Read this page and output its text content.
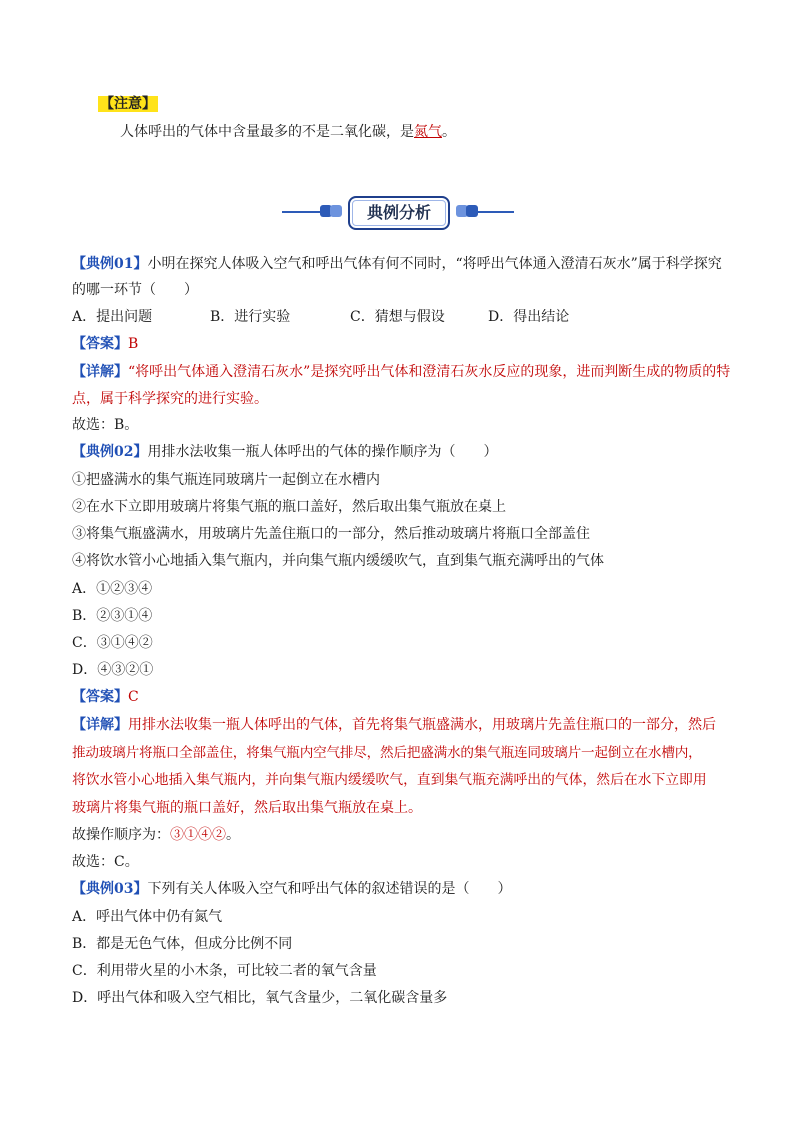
【注意】
人体呼出的气体中含量最多的不是二氧化碳，是氮气。
典例分析
【典例01】小明在探究人体吸入空气和呼出气体有何不同时，“将呼出气体通入澄清石灰水”属于科学探究
的哪一环节（　　）
A．提出问题	B．进行实验	C．猜想与假设	D．得出结论
【答案】B
【详解】“将呼出气体通入澄清石灰水”是探究呼出气体和澄清石灰水反应的现象，进而判断生成的物质的特
点，属于科学探究的进行实验。
故选：B。
【典例02】用排水法收集一瓶人体呼出的气体的操作顺序为（　　）
①把盛满水的集气瓶连同玻璃片一起倒立在水槽内
②在水下立即用玻璃片将集气瓶的瓶口盖好，然后取出集气瓶放在桌上
③将集气瓶盛满水，用玻璃片先盖住瓶口的一部分，然后推动玻璃片将瓶口全部盖住
④将饮水管小心地插入集气瓶内，并向集气瓶内缓缓吹气，直到集气瓶充满呼出的气体
A．①②③④
B．②③①④
C．③①④②
D．④③②①
【答案】C
【详解】用排水法收集一瓶人体呼出的气体，首先将集气瓶盛满水，用玻璃片先盖住瓶口的一部分，然后
推动玻璃片将瓶口全部盖住，将集气瓶内空气排尽，然后把盛满水的集气瓶连同玻璃片一起倒立在水槽内，
将饮水管小心地插入集气瓶内，并向集气瓶内缓缓吹气，直到集气瓶充满呼出的气体，然后在水下立即用
玻璃片将集气瓶的瓶口盖好，然后取出集气瓶放在桌上。
故操作顺序为：③①④②。
故选：C。
【典例03】下列有关人体吸入空气和呼出气体的叙述错误的是（　　）
A．呼出气体中仍有氮气
B．都是无色气体，但成分比例不同
C．利用带火星的小木条，可比较二者的氧气含量
D．呼出气体和吸入空气相比，氧气含量少，二氧化碳含量多
